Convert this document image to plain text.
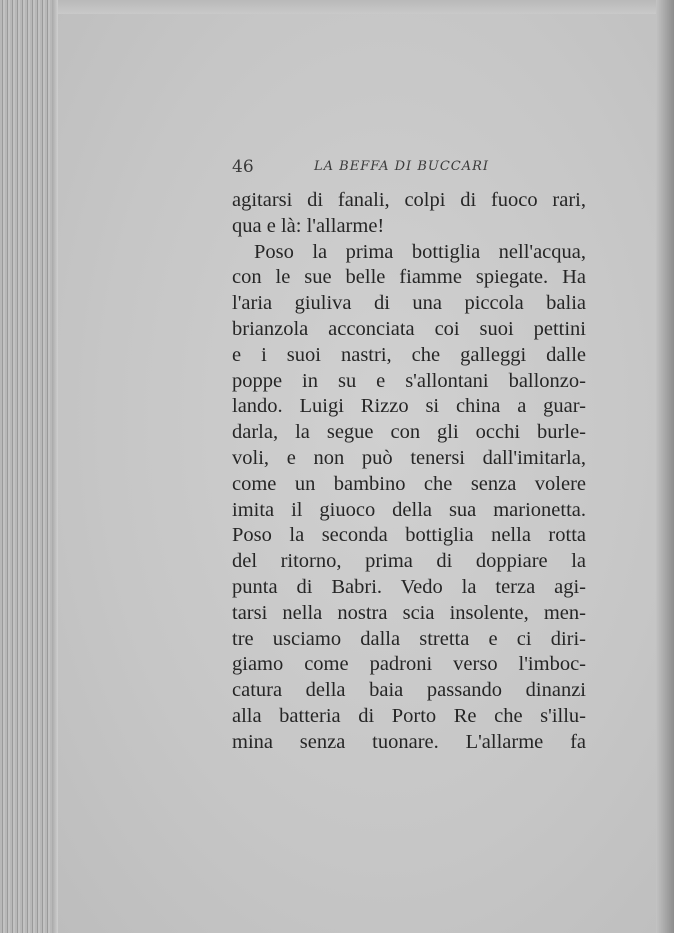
46	LA BEFFA DI BUCCARI
agitarsi di fanali, colpi di fuoco rari,
qua e là: l'allarme!
Poso la prima bottiglia nell'acqua,
con le sue belle fiamme spiegate. Ha
l'aria giuliva di una piccola balia
brianzola acconciata coi suoi pettini
e i suoi nastri, che galleggi dalle
poppe in su e s'allontani ballonzo-
lando. Luigi Rizzo si china a guar-
darla, la segue con gli occhi burle-
voli, e non può tenersi dall'imitarla,
come un bambino che senza volere
imita il giuoco della sua marionetta.
Poso la seconda bottiglia nella rotta
del ritorno, prima di doppiare la
punta di Babri. Vedo la terza agi-
tarsi nella nostra scia insolente, men-
tre usciamo dalla stretta e ci diri-
giamo come padroni verso l'imboc-
catura della baia passando dinanzi
alla batteria di Porto Re che s'illu-
mina senza tuonare. L'allarme fa
